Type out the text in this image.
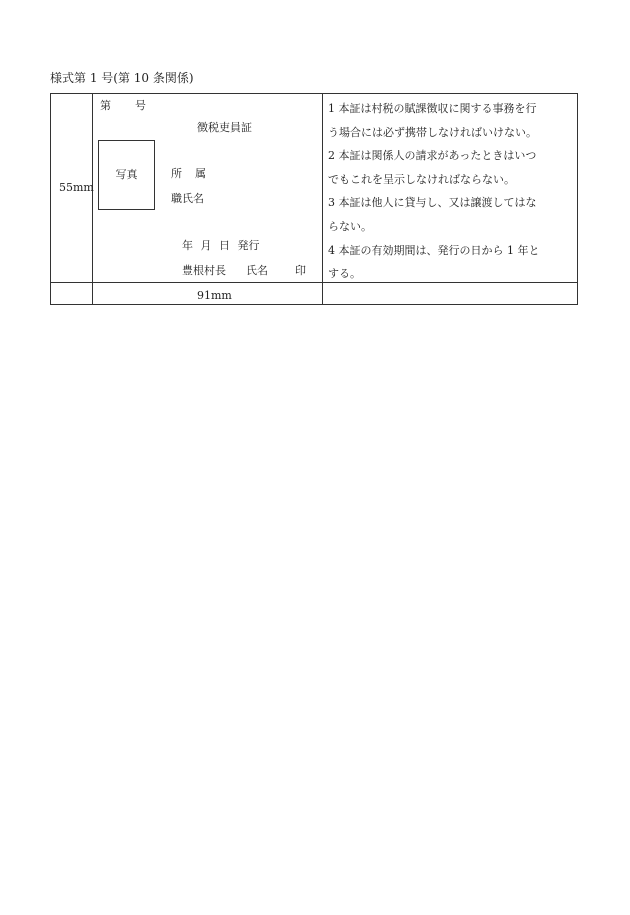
様式第 1 号(第 10 条関係)
55mm
第 号
徴税吏員証
写真	所 属
職氏名
年 月 日 発行
豊根村長 氏名 印
1 本証は村税の賦課徴収に関する事務を行
う場合には必ず携帯しなければいけない。
2 本証は関係人の請求があったときはいつ
でもこれを呈示しなければならない。
3 本証は他人に貸与し、又は譲渡してはな
らない。
4 本証の有効期間は、発行の日から 1 年と
する。
91mm
